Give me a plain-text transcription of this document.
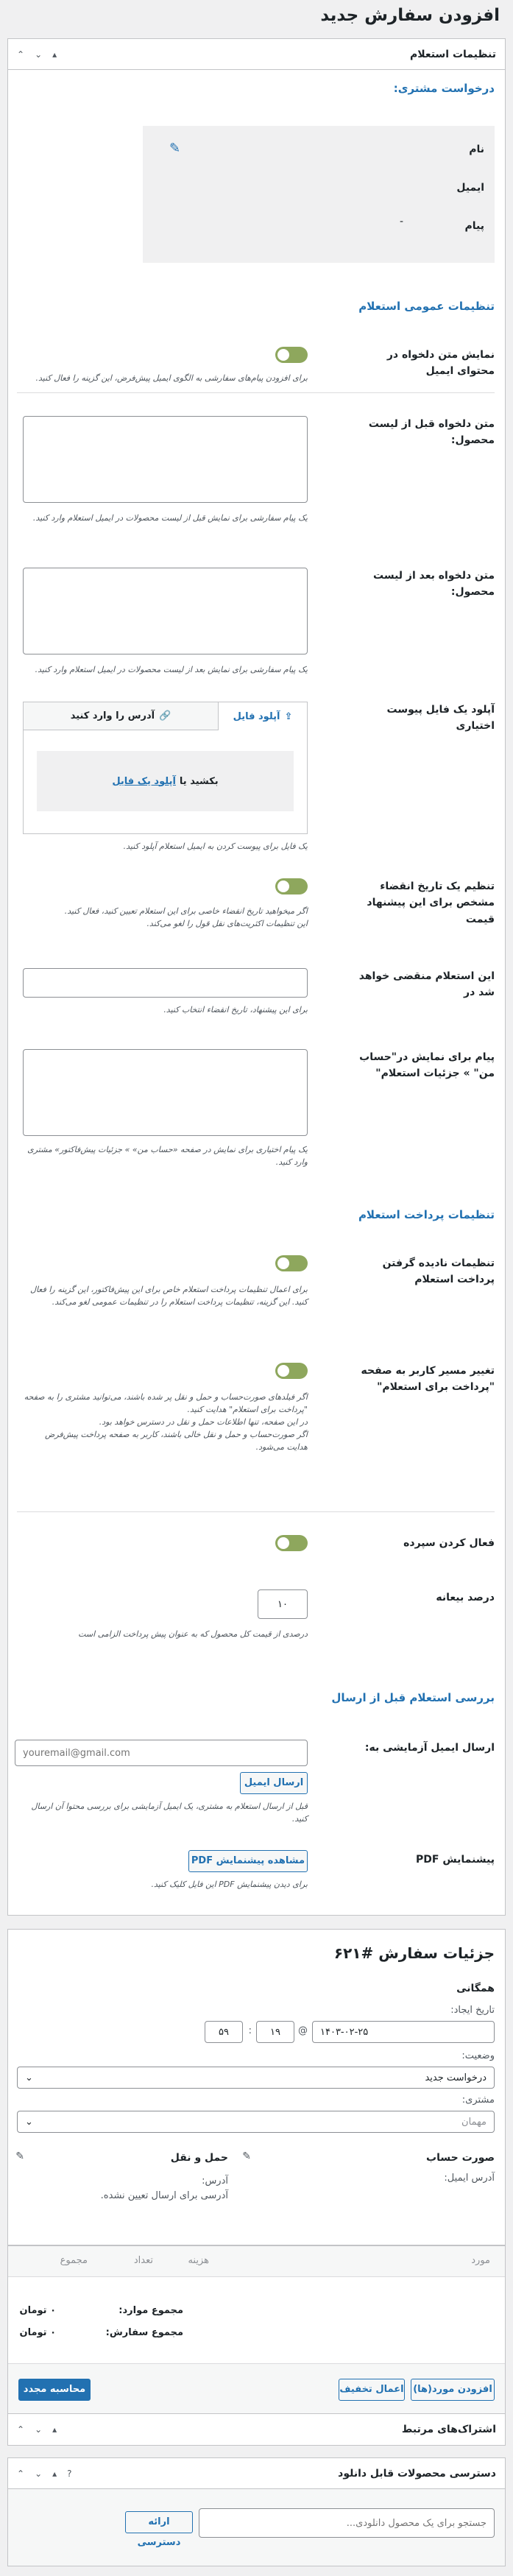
افزودن سفارش جدید
تنظیمات استعلام
⌃ ⌄ ▴
درخواست مشتری:
نام
✎
ایمیل
پیام
-
تنظیمات عمومی استعلام
نمایش متن دلخواه در محتوای ایمیل
برای افزودن پیام‌های سفارشی به الگوی ایمیل پیش‌فرض، این گزینه را فعال کنید.
متن دلخواه قبل از لیست محصول:
یک پیام سفارشی برای نمایش قبل از لیست محصولات در ایمیل استعلام وارد کنید.
متن دلخواه بعد از لیست محصول:
یک پیام سفارشی برای نمایش بعد از لیست محصولات در ایمیل استعلام وارد کنید.
آپلود یک فایل پیوست اختیاری
⇪
آپلود فایل
🔗
آدرس را وارد کنید
بکشید یا
آپلود یک فایل
یک فایل برای پیوست کردن به ایمیل استعلام آپلود کنید.
تنظیم یک تاریخ انقضاء مشخص برای این پیشنهاد قیمت
اگر میخواهید تاریخ انقضاء خاصی برای این استعلام تعیین کنید، فعال کنید.
این تنظیمات اکثریت‌های نقل قول را لغو می‌کند.
این استعلام منقضی خواهد شد در
برای این پیشنهاد، تاریخ انقضاء انتخاب کنید.
پیام برای نمایش در"حساب من" » جزئیات استعلام"
یک پیام اختیاری برای نمایش در صفحه «حساب من» » جزئیات پیش‌فاکتور» مشتری وارد کنید.
تنظیمات پرداخت استعلام
تنظیمات نادیده گرفتن پرداخت استعلام
برای اعمال تنظیمات پرداخت استعلام خاص برای این پیش‌فاکتور، این گزینه را فعال کنید. این گزینه، تنظیمات پرداخت استعلام را در تنظیمات عمومی لغو می‌کند.
تغییر مسیر کاربر به صفحه "پرداخت برای استعلام"
اگر فیلدهای صورت‌حساب و حمل و نقل پر شده باشند، می‌توانید مشتری را به صفحه "پرداخت برای استعلام" هدایت کنید.
در این صفحه، تنها اطلاعات حمل و نقل در دسترس خواهد بود.
اگر صورت‌حساب و حمل و نقل خالی باشند، کاربر به صفحه پرداخت پیش‌فرض هدایت می‌شود.
فعال کردن سپرده
درصد بیعانه
۱۰
درصدی از قیمت کل محصول که به عنوان پیش پرداخت الزامی است
بررسی استعلام قبل از ارسال
ارسال ایمیل آزمایشی به:
youremail@gmail.com
ارسال ایمیل
قبل از ارسال استعلام به مشتری، یک ایمیل آزمایشی برای بررسی محتوا آن ارسال کنید.
پیشنمایش PDF
مشاهده پیشنمایش PDF
برای دیدن پیشنمایش PDF این فایل کلیک کنید.
جزئیات سفارش #۶۲۱
همگانی
تاریخ ایجاد:
۱۴۰۳-۰۲-۲۵
@
۱۹
:
۵۹
وضعیت:
درخواست جدید
⌄
مشتری:
مهمان
⌄
صورت حساب
آدرس ایمیل:
حمل و نقل ✎
✎
آدرس:
آدرسی برای ارسال تعیین نشده.
مورد
هزینه
تعداد
مجموع
مجموع موارد:
۰ تومان
مجموع سفارش:
۰ تومان
افزودن مورد(ها)
اعمال تخفیف
محاسبه مجدد
اشتراک‌های مرتبط
⌃ ⌄ ▴
دسترسی محصولات قابل دانلود
⌃ ⌄ ▴ ?
جستجو برای یک محصول دانلودی...
ارائه دسترسی
